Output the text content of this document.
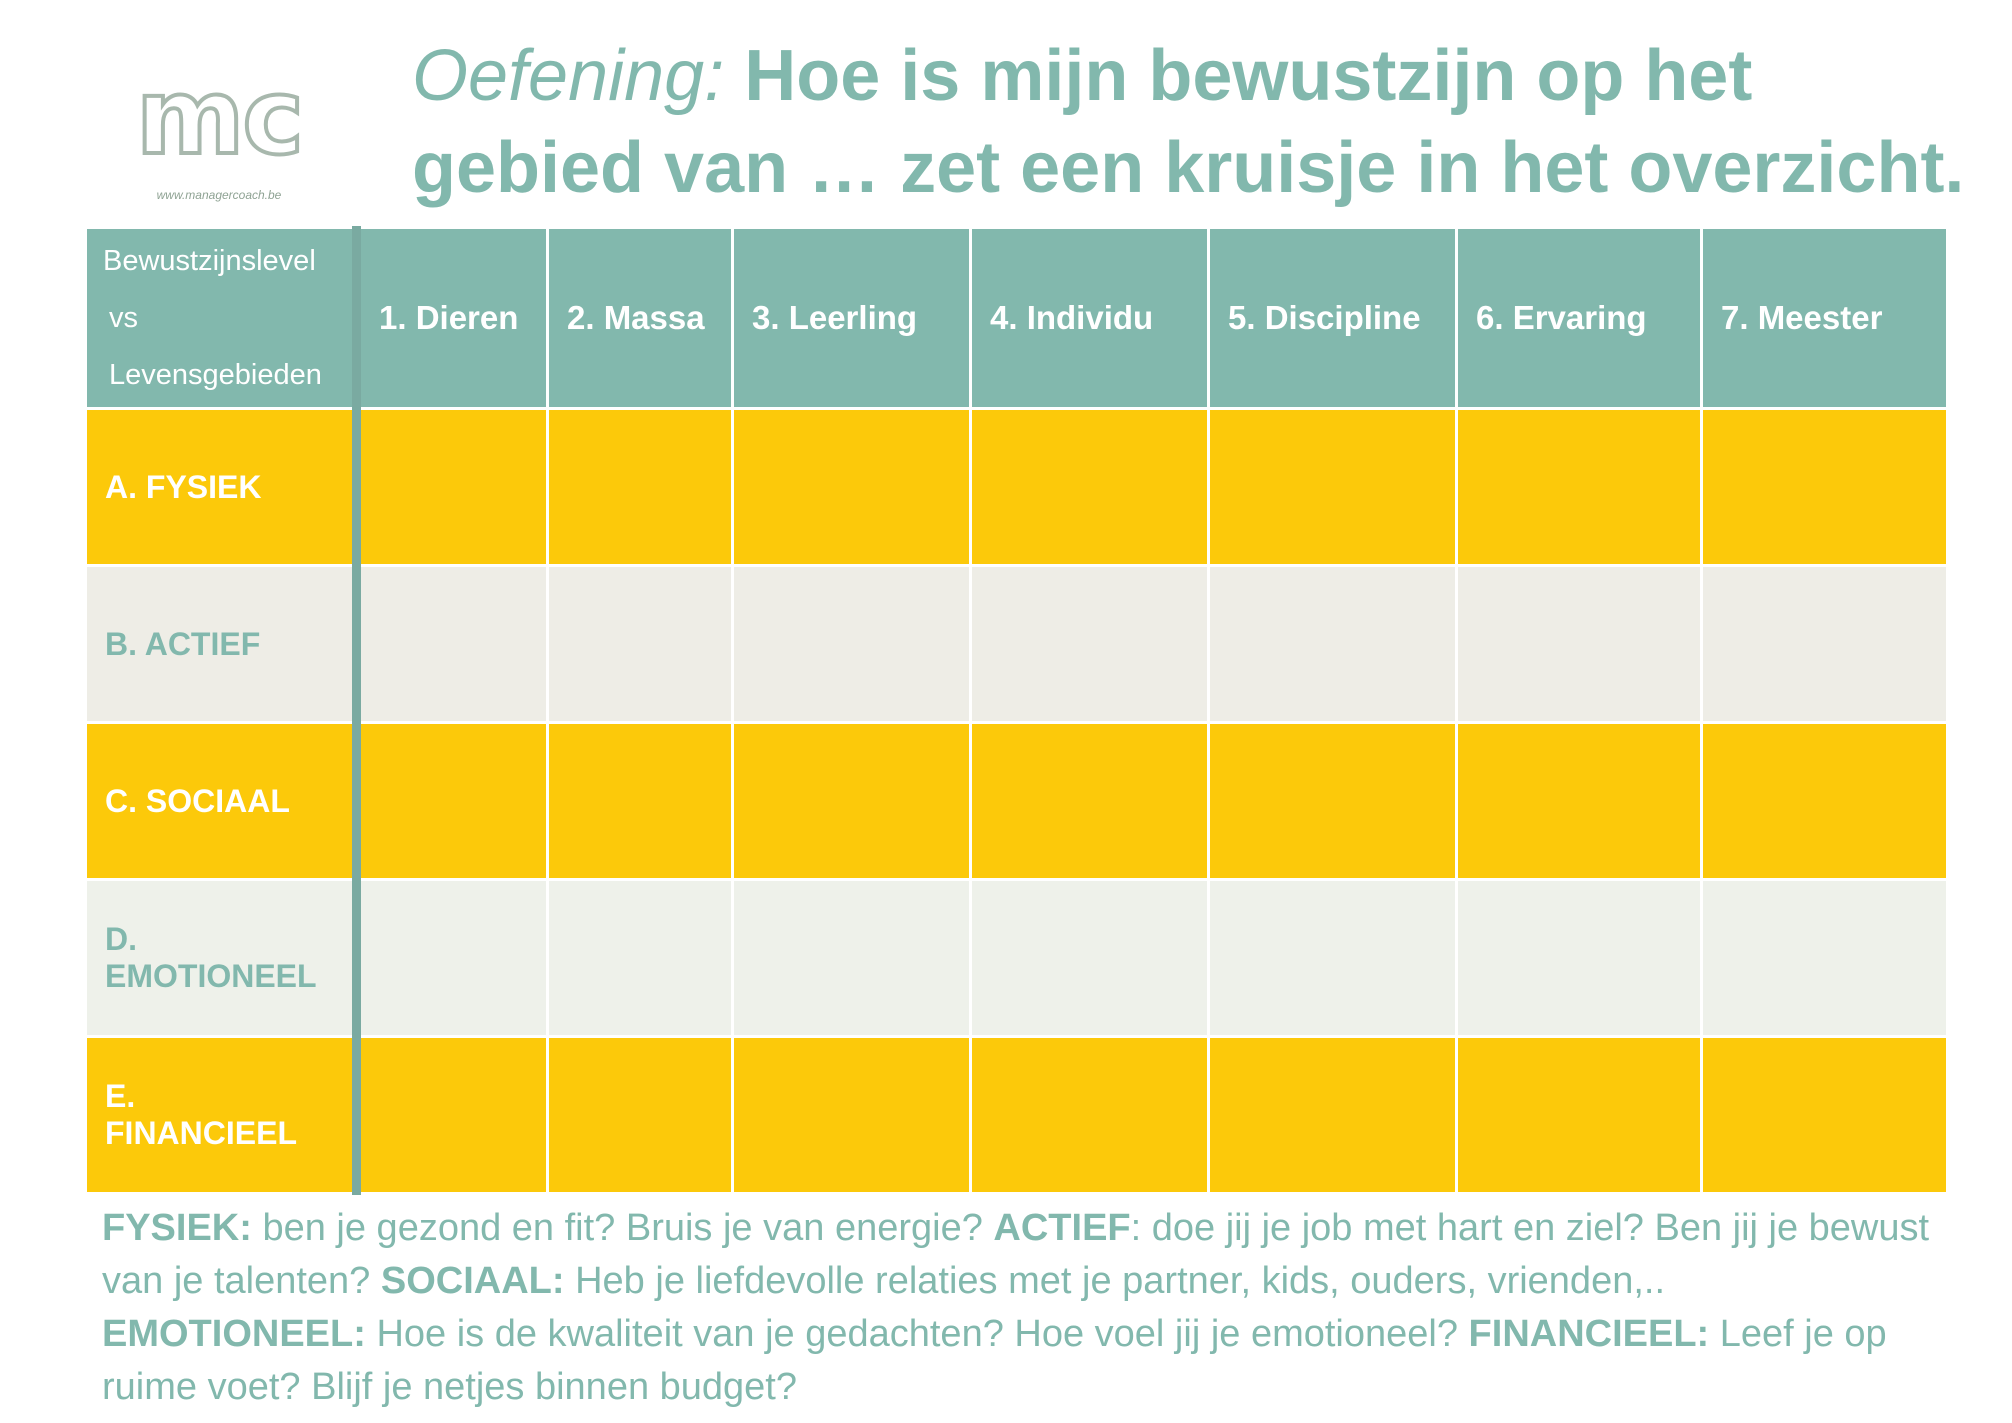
mc
www.managercoach.be
Oefening: Hoe is mijn bewustzijn op het gebied van … zet een kruisje in het overzicht.
Bewustzijnslevel
vs
Levensgebieden	1. Dieren	2. Massa	3. Leerling	4. Individu	5. Discipline	6. Ervaring	7. Meester
A. FYSIEK							
B. ACTIEF							
C. SOCIAAL							
D. EMOTIONEEL							
E. FINANCIEEL							
FYSIEK: ben je gezond en fit? Bruis je van energie? ACTIEF: doe jij je job met hart en ziel? Ben jij je bewust van je talenten? SOCIAAL: Heb je liefdevolle relaties met je partner, kids, ouders, vrienden,..
EMOTIONEEL: Hoe is de kwaliteit van je gedachten? Hoe voel jij je emotioneel? FINANCIEEL: Leef je op ruime voet? Blijf je netjes binnen budget?
